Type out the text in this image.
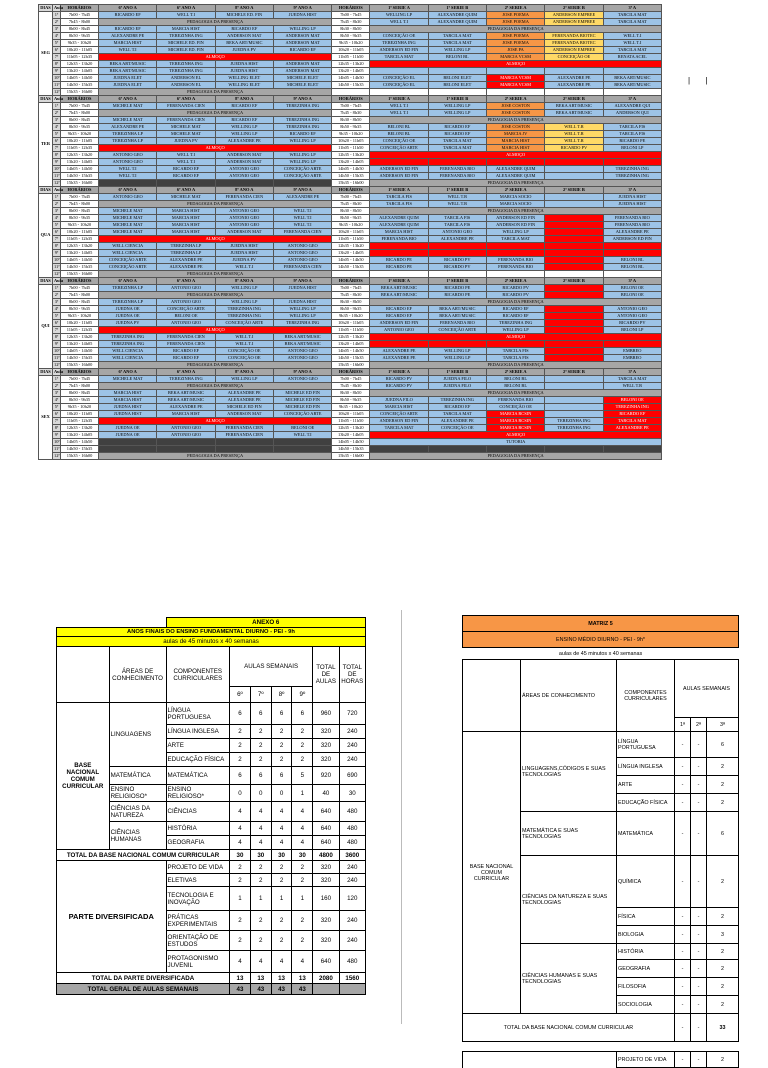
DIAS	Aula	HORÁRIOS	6º ANO A	6º ANO A	8º ANO A	9º ANO A	HORÁRIOS	1ª SERIE A	1ª SERIE B	2ª SERIE A	2ª SERIE B	3ª A
SEG	1ª	7h00 - 7h45	RICARDO EF	WELL T.I	MICHELE ED. FIN	JUEDNA HIST	7h00 - 7h45	WELLING LP	ALEXANDRE QUIM	JOSE POEMA	ANDERSON EMPREE	TARCILA MAT
	2ª	7h45 - 8h00	PEDAGOGIA DA PRESENÇA				7h45 - 8h30	WELL T.I	ALEXANDRE QUIM	JOSE POEMA	ANDERSON EMPREE	TARCILA MAT
	3ª	8h00 - 8h45	RICARDO EF	MARCIA HIST	RICARDO EF	WELLING LP	8h30 - 8h50	PEDAGOGIA DA PRESENÇA				
	4ª	8h50 - 9h35	ALEXANDRE PE	TEREZINHA ING	ANDERSON MAT	ANDERSON MAT	8h50 - 9h35	CONCEIÇÃO OE	TARCILA MAT	JOSE POEMA	FERENANDA BIOTEC	WELL T.I
	5ª	9h35 - 10h20	MARCIA HIST	MICHELE ED. FIN	BEKA ART/MUSIC	ANDERSON MAT	9h35 - 10h20	TEREZINHA ING	TARCILA MAT	JOSE POEMA	FERENANDA BIOTEC	WELL T.I
	6ª	10h20 - 11h05	WELL T.I	MICHELE ED. FIN	JUEDNA PV	RICARDO EF	10h20 - 11h05	ANDERSON ED FIN	WELLING LP	JOSE PA	ANDERSON EMPREE	TARCILA MAT
	7ª	11h05 - 12h35	ALMOÇO				11h05 - 11h50	TARCILA MAT	BELONI BL	MARCIA VCSM	CONCEIÇÃO OE	RENATA ACEL
	8ª	12h35 - 13h20	BEKA ART/MUSIC	TEREZINHA ING	JUEDNA HIST	ANDERSON MAT	12h35 - 13h20	ALMOÇO				
	9ª	13h20 - 14h05	BEKA ART/MUSIC	TEREZINHA ING	JUEDNA HIST	ANDERSON MAT	13h20 - 14h05					
	10ª	14h05 - 14h50	JUEDNA ELET	ANDERSON EL	WELLING ELET	MICHELE ELET	14h05 - 14h50	CONCEIÇÃO EL	BELONI ELET	MARCIA VCSM	ALEXANDRE PE	BEKA ART/MUSIC
	11ª	14h50 - 15h35	JUEDNA ELET	ANDERSON EL	WELLING ELET	MICHELE ELET	14h50 - 15h35	CONCEIÇÃO EL	BELONI ELET	MARCIA VCSM	ALEXANDRE PE	BEKA ART/MUSIC
	12ª	15h35 - 16h00	PEDAGOGIA DA PRESENÇA									
DIAS	Aula	HORÁRIOS	6º ANO A	6º ANO A	8º ANO A	9º ANO A	HORÁRIOS	1ª SERIE A	1ª SERIE B	2ª SERIE A	2ª SERIE B	3ª A
TER	1ª	7h00 - 7h45	MICHELE MAT	FERENANDA CIEN	RICARDO EF	TEREZINHA ING	7h00 - 7h45	WELL T.I	WELLING LP	JOSE COSTON	BEKA ART/MUSIC	ALEXANDRE QUI
	2ª	7h45 - 8h00	PEDAGOGIA DA PRESENÇA				7h45 - 8h30	WELL T.I	WELLING LP	JOSE COSTON	BEKA ART/MUSIC	ANDERSON QUI
	3ª	8h00 - 8h45	MICHELE MAT	FERENANDA CIEN	RICARDO EF	TEREZINHA ING	8h30 - 8h50	PEDAGOGIA DA PRESENÇA				
	4ª	8h50 - 9h35	ALEXANDRE PE	MICHELE MAT	WELLING LP	TEREZINHA ING	8h50 - 9h35	BELONI BL	RICARDO EF	JOSE COSTON	WELL T.R	TARCILA FIS
	5ª	9h35 - 10h20	TEREZINHA LP	MICHELE MAT	WELLING LP	RICARDO EF	9h35 - 10h20	BELONI BL	RICARDO EF	MARCIA JV	WELL T.R	TARCILA FIS
	6ª	10h20 - 11h05	TEREZINHA LP	JUEDNA PV	ALEXANDRE PE	WELLING LP	10h20 - 11h05	CONCEIÇÃO OE	TARCILA MAT	MARCIA HIST	WELL T.R	RICARDO PE
	7ª	11h05 - 12h35	ALMOÇO				11h05 - 11h50	CONCEIÇÃO ARTE	TARCILA MAT	MARCIA HIST	RICARDO PV	BELONI LP
	8ª	12h35 - 13h20	ANTONIO GEO	WELL T.I	ANDERSON MAT	WELLING LP	12h35 - 13h20	ALMOÇO				
	9ª	13h20 - 14h05	ANTONIO GEO	WELL T.I	ANDERSON MAT	WELLING LP	13h20 - 14h05					
	10ª	14h05 - 14h50	WELL T.I	RICARDO EF	ANTONIO GEO	CONCEIÇÃO ARTE	14h05 - 14h50	ANDERSON ED FIN	FERENANDA BIO	ALEXANDRE QUIM		TEREZINHA ING
	11ª	14h50 - 15h35	WELL T.I	RICARDO EF	ANTONIO GEO	CONCEIÇÃO ARTE	14h50 - 15h35	ANDERSON ED FIN	FERENANDA BIO	ALEXANDRE QUIM		TEREZINHA ING
	12ª	15h35 - 16h00					15h35 - 16h00	PEDAGOGIA DA PRESENÇA				
DIAS	Aula	HORÁRIOS	6º ANO A	6º ANO A	8º ANO A	9º ANO A	HORÁRIOS	1ª SERIE A	1ª SERIE B	2ª SERIE A	2ª SERIE B	3ª A
QUA	1ª	7h00 - 7h45	ANTONIO GEO	MICHELE MAT	FERENANDA CIEN	ALEXANDRE PE	7h00 - 7h45	TARCILA FIS	WELL T.R	MARCIA SOCIO		JUEDNA HIST
	2ª	7h45 - 8h00	PEDAGOGIA DA PRESENÇA				7h45 - 8h30	TARCILA FIS	WELL T.R	MARCIA SOCIO		JUEDNA HIST
	3ª	8h00 - 8h45	MICHELE MAT	MARCIA HIST	ANTONIO GEO	WELL T.I	8h30 - 8h50	PEDAGOGIA DA PRESENÇA				
	4ª	8h50 - 9h35	MICHELE MAT	MARCIA HIST	ANTONIO GEO	WELL T.I	8h50 - 9h35	ALEXANDRE QUIM	TARCILA FIS	ANDERSON ED FIN		FERENANDA BIO
	5ª	9h35 - 10h20	MICHELE MAT	MARCIA HIST	ANTONIO GEO	WELL T.I	9h35 - 10h20	ALEXANDRE QUIM	TARCILA FIS	ANDERSON ED FIN		FERENANDA BIO
	6ª	10h20 - 11h05	MICHELE MAT	MARCIA HIST	ANDERSON MAT	FERENANDA CIEN	10h20 - 11h05	MARCIA HIST	ANTONIO GEO	WELLING LP		ALEXANDRE PE
	7ª	11h05 - 12h35	ALMOÇO				11h05 - 11h50	FERENANDA BIO	ALEXANDRE PE	TARCILA MAT		ANDERSON ED FIN
	8ª	12h35 - 13h20	WELL CIENCIA	TEREZINHA LP	JUEDNA HIST	ANTONIO GEO	12h35 - 13h20					
	9ª	13h20 - 14h05	WELL CIENCIA	TEREZINHA LP	JUEDNA HIST	ANTONIO GEO	13h20 - 14h05					
	10ª	14h05 - 14h50	CONCEIÇÃO ARTE	ALEXANDRE PE	JUEDNA PV	ANTONIO GEO	14h05 - 14h50	RICARDO PE	RICARDO PV	FERENANDA BIO		BELONI BL
	11ª	14h50 - 15h35	CONCEIÇÃO ARTE	ALEXANDRE PE	WELL T.I	FERENANDA CIEN	14h50 - 15h35	RICARDO PE	RICARDO PV	FERENANDA BIO		BELONI BL
	12ª	15h35 - 16h00	PEDAGOGIA DA PRESENÇA									
DIAS	Aula	HORÁRIOS	6º ANO A	6º ANO A	8º ANO A	9º ANO A	HORÁRIOS	1ª SERIE A	1ª SERIE B	2ª SERIE A	2ª SERIE B	3ª A
QUI	1ª	7h00 - 7h45	TEREZINHA LP	ANTONIO GEO	WELLING LP	JUEDNA HIST	7h00 - 7h45	BEKA ART/MUSIC	RICARDO PE	RICARDO PV		BELONI OE
	2ª	7h45 - 8h00	PEDAGOGIA DA PRESENÇA				7h45 - 8h30	BEKA ART/MUSIC	RICARDO PE	RICARDO PV		BELONI OE
	3ª	8h00 - 8h45	TEREZINHA LP	ANTONIO GEO	WELLING LP	JUEDNA HIST	8h30 - 8h50	PEDAGOGIA DA PRESENÇA				
	4ª	8h50 - 9h35	JUEDNA OE	CONCEIÇÃO ARTE	TEREZINHA ING	WELLING LP	8h50 - 9h35	RICARDO EF	BEKA ART/MUSIC	RICARDO EF		ANTONIO GEO
	5ª	9h35 - 10h20	JUEDNA OE	BELONI OE	TEREZINHA ING	WELLING LP	9h35 - 10h20	RICARDO EF	BEKA ART/MUSIC	RICARDO EF		ANTONIO GEO
	6ª	10h20 - 11h05	JUEDNA PV	ANTONIO GEO	CONCEIÇÃO ARTE	TEREZINHA ING	10h20 - 11h05	ANDERSON ED FIN	FERENANDA BIO	TEREZINHA ING		RICARDO PV
	7ª	11h05 - 12h35	ALMOÇO				11h05 - 11h50	ANTONIO GEO	CONCEIÇÃO ARTE	WELLING LP		BELONI LP
	8ª	12h35 - 13h20	TEREZINHA ING	FERENANDA CIEN	WELL T.I	BEKA ART/MUSIC	12h35 - 13h20	ALMOÇO				
	9ª	13h20 - 14h05	TEREZINHA ING	FERENANDA CIEN	WELL T.I	BEKA ART/MUSIC	13h20 - 14h05					
	10ª	14h05 - 14h50	WELL CIENCIA	RICARDO EF	CONCEIÇÃO OE	ANTONIO GEO	14h05 - 14h50	ALEXANDRE PE	WELLING LP	TARCILA FIS		EMBREO
	11ª	14h50 - 15h35	WELL CIENCIA	RICARDO EF	CONCEIÇÃO OE	ANTONIO GEO	14h50 - 15h35	ALEXANDRE PE	WELLING LP	TARCILA FIS		EMBREO
	12ª	15h35 - 16h00	PEDAGOGIA DA PRESENÇA				15h35 - 16h00	PEDAGOGIA DA PRESENÇA				
DIAS	Aula	HORÁRIOS	6º ANO A	6º ANO A	8º ANO A	9º ANO A	HORÁRIOS	1ª SERIE A	1ª SERIE B	2ª SERIE A	2ª SERIE B	3ª A
SEX	1ª	7h00 - 7h45	MICHELE MAT	TEREZINHA ING	WELLING LP	ANTONIO GEO	7h00 - 7h45	RICARDO PV	JUEDNA FILO	BELONI BL		TARCILA MAT
	2ª	7h45 - 8h00	PEDAGOGIA DA PRESENÇA				7h45 - 8h30	RICARDO PV	JUEDNA FILO	BELONI BL		WELL T.R
	3ª	8h00 - 8h45	MARCIA HIST	BEKA ART/MUSIC	ALEXANDRE PE	MICHELE ED FIN	8h30 - 8h50	PEDAGOGIA DA PRESENÇA				
	4ª	8h50 - 9h35	MARCIA HIST	BEKA ART/MUSIC	ALEXANDRE PE	MICHELE ED FIN	8h50 - 9h35	JUEDNA FILO	TEREZINHA ING	FERENANDA BIO		BELONI OE
	5ª	9h35 - 10h20	JUEDNA HIST	ALEXANDRE PE	MICHELE ED FIN	MICHELE ED FIN	9h35 - 10h20	MARCIA HIST	RICARDO EF	CONCEIÇÃO OE		TEREZINHA ING
	6ª	10h20 - 11h05	JUEDNA HIST	MARCIA HIST	ANDERSON MAT	CONCEIÇÃO ARTE	10h20 - 11h05	CONCEIÇÃO ARTE	TARCILA MAT	MARCIA RCSIN		RICARDO EF
	7ª	11h05 - 12h35	ALMOÇO				11h05 - 11h50	ANDERSON ED FIN	ALEXANDRE PE	MARCIA RCSIN	TEREZINHA ING	TARCILA MAT
	8ª	12h35 - 13h20	JUEDNA OE	ANTONIO GEO	FERENANDA CIEN	BELONI OE	12h35 - 13h20	TARCILA MAT	CONCEIÇÃO OE	MARCIA RCSIN	TEREZINHA ING	ALEXANDRE PE
	9ª	13h20 - 14h05	JUEDNA OE	ANTONIO GEO	FERENANDA CIEN	WELL T.I	13h20 - 14h05	ALMOÇO				
	10ª	14h05 - 14h50					14h05 - 14h50	TUTORIA				
	11ª	14h50 - 15h35					14h50 - 15h35					
	12ª	15h35 - 16h00	PEDAGOGIA DA PRESENÇA				15h35 - 16h00	PEDAGOGIA DA PRESENÇA				
|       |
		ANEXO 6						
ANOS FINAIS DO ENSINO FUNDAMENTAL DIURNO - PEI - 9h								
aulas de 45 minutos x 40 semanas								
	ÁREAS DE CONHECIMENTO	COMPONENTES CURRICULARES	AULAS SEMANAIS				TOTAL DE AULAS	TOTAL DE HORAS
			6º	7º	8º	9º		
BASE NACIONAL COMUM CURRICULAR	LINGUAGENS	LÍNGUA PORTUGUESA	6	6	6	6	960	720
		LÍNGUA INGLESA	2	2	2	2	320	240
		ARTE	2	2	2	2	320	240
		EDUCAÇÃO FÍSICA	2	2	2	2	320	240
	MATEMÁTICA	MATEMÁTICA	6	6	6	5	920	690
	ENSINO RELIGIOSO*	ENSINO RELIGIOSO*	0	0	0	1	40	30
	CIÊNCIAS DA NATUREZA	CIÊNCIAS	4	4	4	4	640	480
	CIÊNCIAS HUMANAS	HISTÓRIA	4	4	4	4	640	480
		GEOGRAFIA	4	4	4	4	640	480
TOTAL DA BASE NACIONAL COMUM CURRICULAR			30	30	30	30	4800	3600
PARTE DIVERSIFICADA		PROJETO DE VIDA	2	2	2	2	320	240
		ELETIVAS	2	2	2	2	320	240
		TECNOLOGIA E INOVAÇÃO	1	1	1	1	160	120
		PRÁTICAS EXPERIMENTAIS	2	2	2	2	320	240
		ORIENTAÇÃO DE ESTUDOS	2	2	2	2	320	240
		PROTAGONISMO JUVENIL	4	4	4	4	640	480
TOTAL DA PARTE DIVERSIFICADA			13	13	13	13	2080	1560
TOTAL GERAL DE AULAS SEMANAIS			43	43	43	43		
MATRIZ 5					
ENSINO MÉDIO DIURNO - PEI - 9h*					
aulas de 45 minutos x 40 semanas					
	ÁREAS DE CONHECIMENTO	COMPONENTES CURRICULARES	AULAS SEMANAIS		
			1ª	2ª	3ª
BASE NACIONAL COMUM CURRICULAR	LINGUAGENS,CÓDIGOS E SUAS TECNOLOGIAS	LÍNGUA PORTUGUESA	-	-	6
		LÍNGUA INGLESA	-	-	2
		ARTE	-	-	2
		EDUCAÇÃO FÍSICA	-	-	2
	MATEMÁTICA E SUAS TECNOLOGIAS	MATEMÁTICA	-	-	6
	CIÊNCIAS DA NATUREZA E SUAS TECNOLOGIAS	QUÍMICA	-	-	2
		FÍSICA	-	-	2
		BIOLOGIA	-	-	3
	CIÊNCIAS HUMANAS E SUAS TECNOLOGIAS	HISTÓRIA	-	-	2
		GEOGRAFIA	-	-	2
		FILOSOFIA	-	-	2
		SOCIOLOGIA	-	-	2
TOTAL DA BASE NACIONAL COMUM CURRICULAR			-	-	33

		PROJETO DE VIDA	-	-	2
